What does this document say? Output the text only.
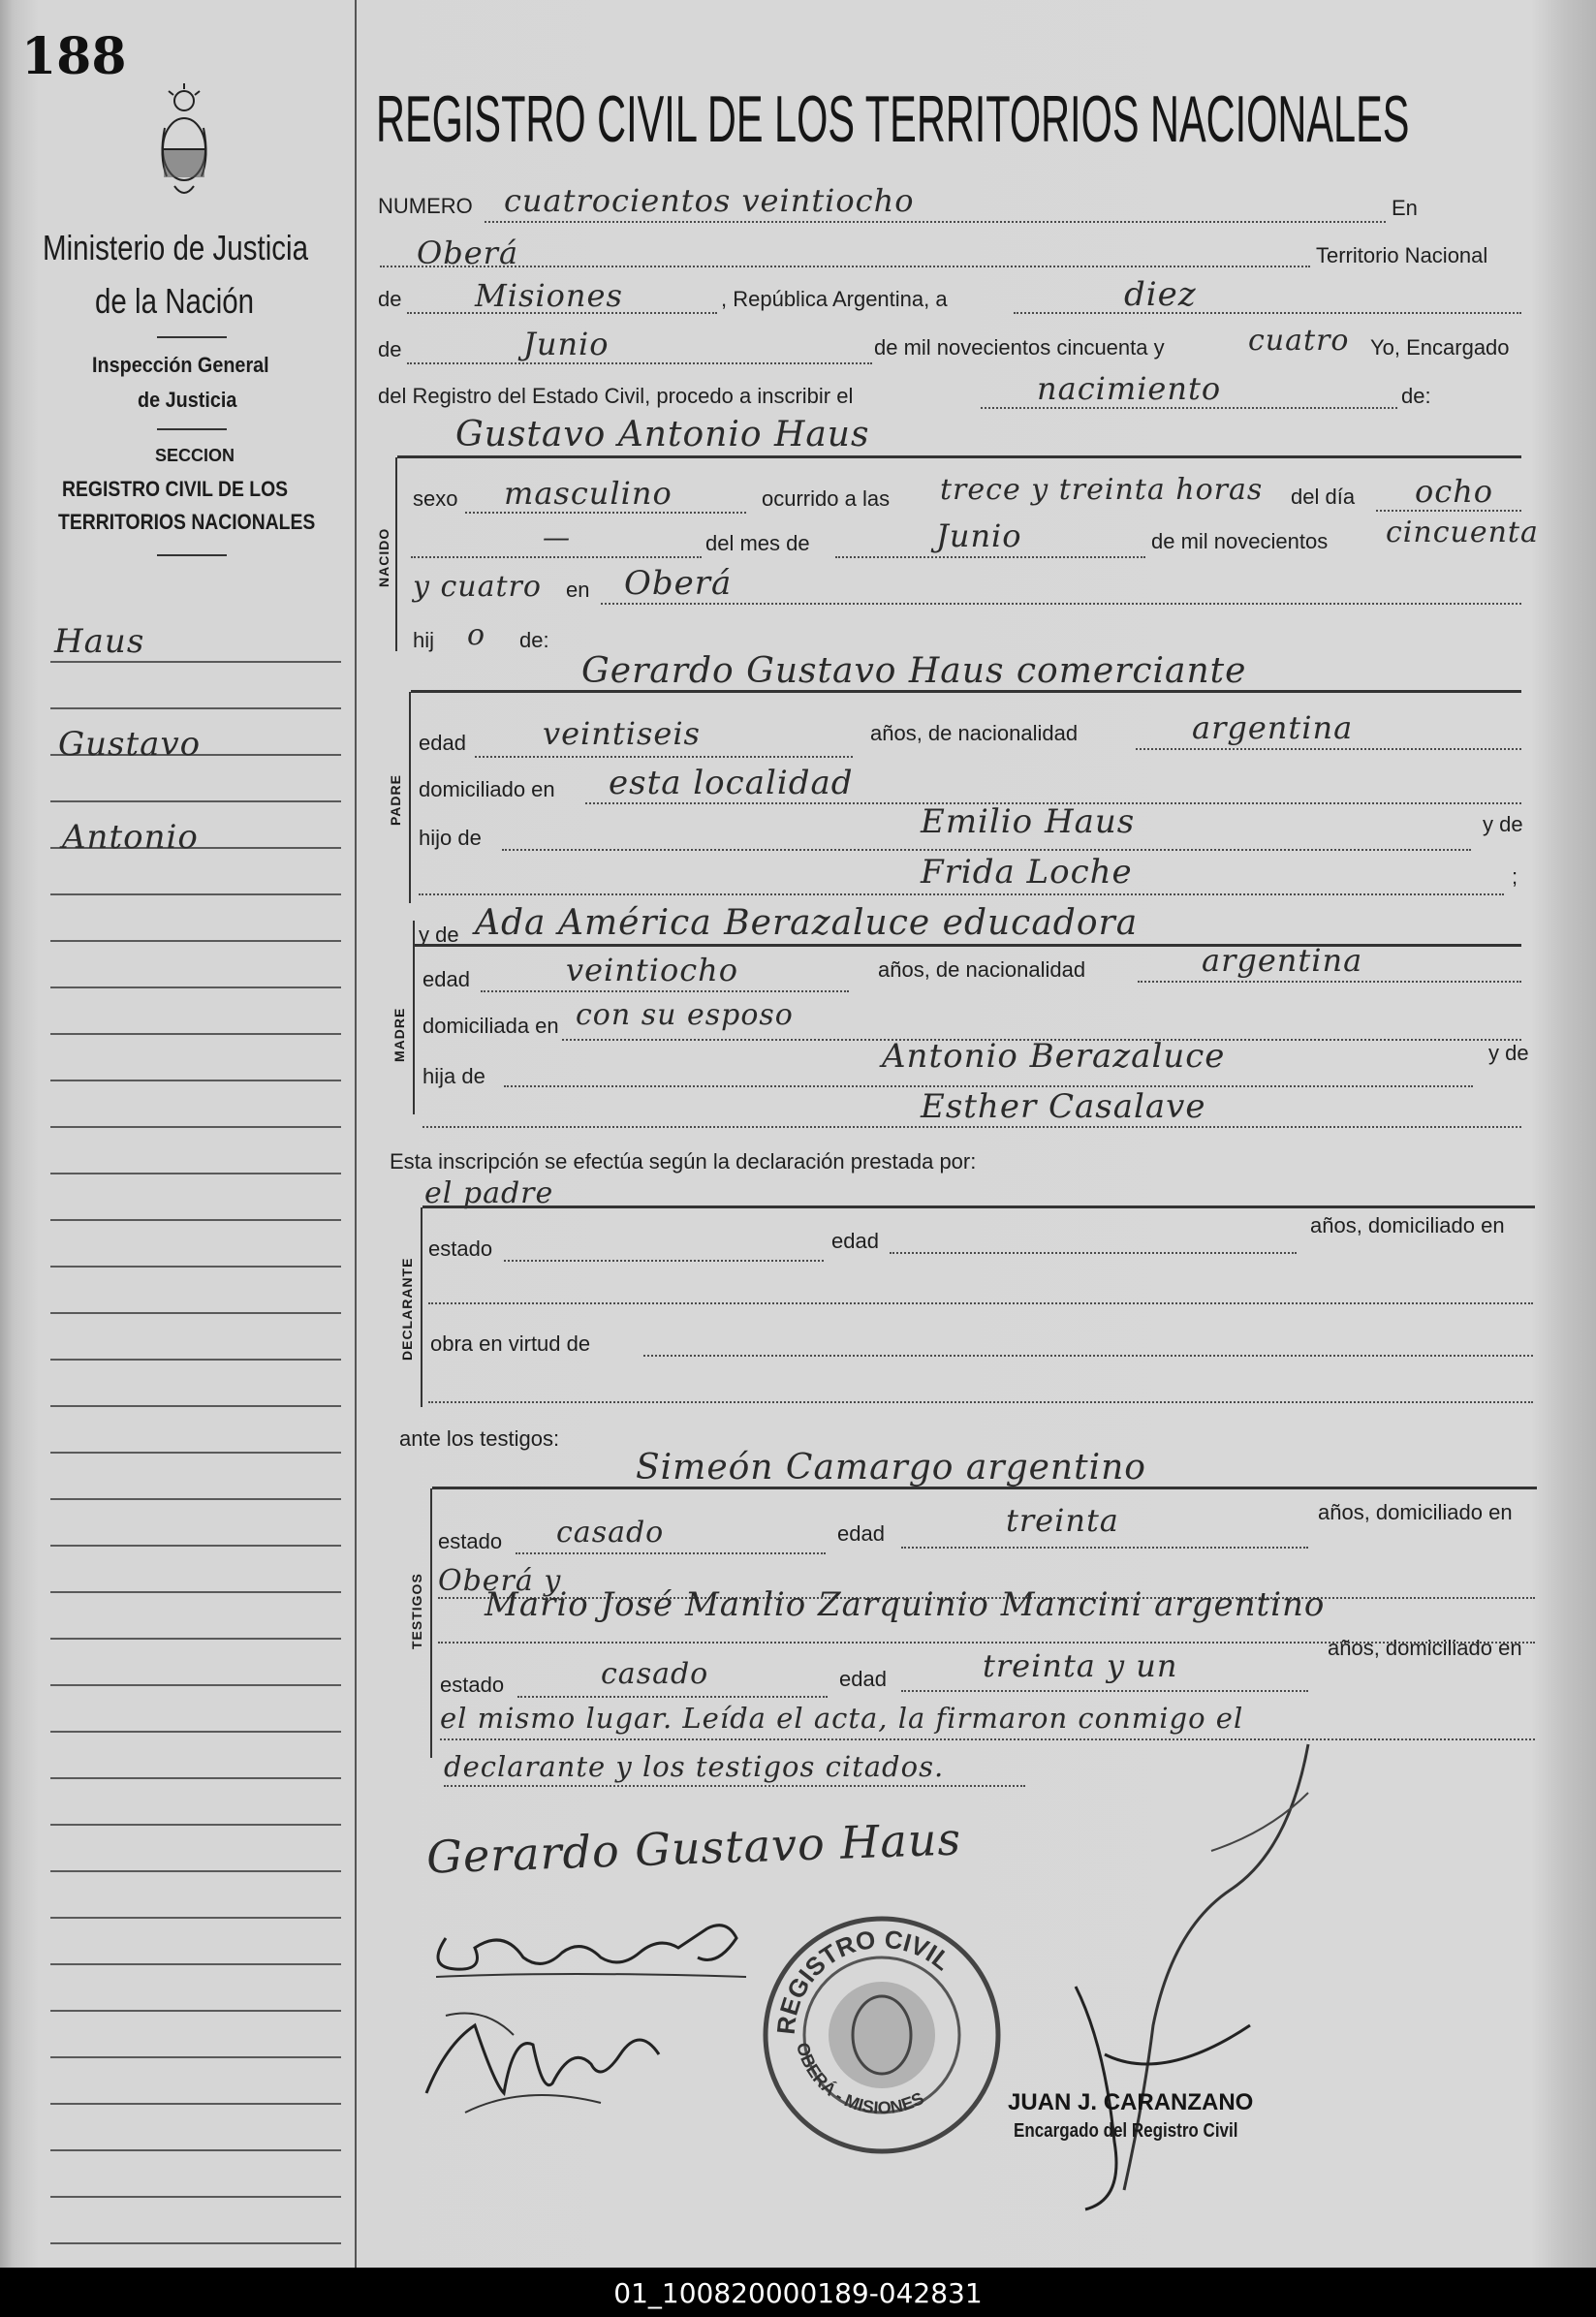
188
Ministerio de Justicia
de la Nación
Inspección General
de Justicia
SECCION
REGISTRO CIVIL DE LOS
TERRITORIOS NACIONALES
Haus
Gustavo
Antonio
REGISTRO CIVIL DE LOS TERRITORIOS NACIONALES
NUMERO cuatrocientos veintiocho	En
Oberá	Territorio Nacional
de Misiones	, República Argentina, a	diez
de	Junio	de mil novecientos cincuenta y	cuatro Yo, Encargado
del Registro del Estado Civil, procedo a inscribir el	nacimiento	de:
Gustavo Antonio Haus
NACIDO
sexo masculino	ocurrido a las trece y treinta horas del día ocho
—	del mes de	Junio	de mil novecientos cincuenta
y cuatro en Oberá
hij o de:
Gerardo Gustavo Haus comerciante
PADRE
edad veintiseis	años, de nacionalidad	argentina
domiciliado en esta localidad
hijo de	Emilio Haus	y de
Frida Loche	;
y de Ada América Berazaluce educadora
MADRE
edad	veintiocho	años, de nacionalidad	argentina
domiciliada en con su esposo
hija de
Antonio Berazaluce	y de
Esther Casalave
Esta inscripción se efectúa según la declaración prestada por:
el padre
DECLARANTE
estado	edad
años, domiciliado en
obra en virtud de
ante los testigos:
Simeón Camargo argentino
TESTIGOS
estado casado	edad	treinta	años, domiciliado en
Oberá y
Mario José Manlio Zarquinio Mancini argentino
estado	casado	edad	treinta y un	años, domiciliado en
el mismo lugar. Leída el acta, la firmaron conmigo el
declarante y los testigos citados.
Gerardo Gustavo Haus
REGISTRO CIVIL
OBERÁ - MISIONES	JUAN J. CARANZANO
Encargado del Registro Civil
01_100820000189-042831
